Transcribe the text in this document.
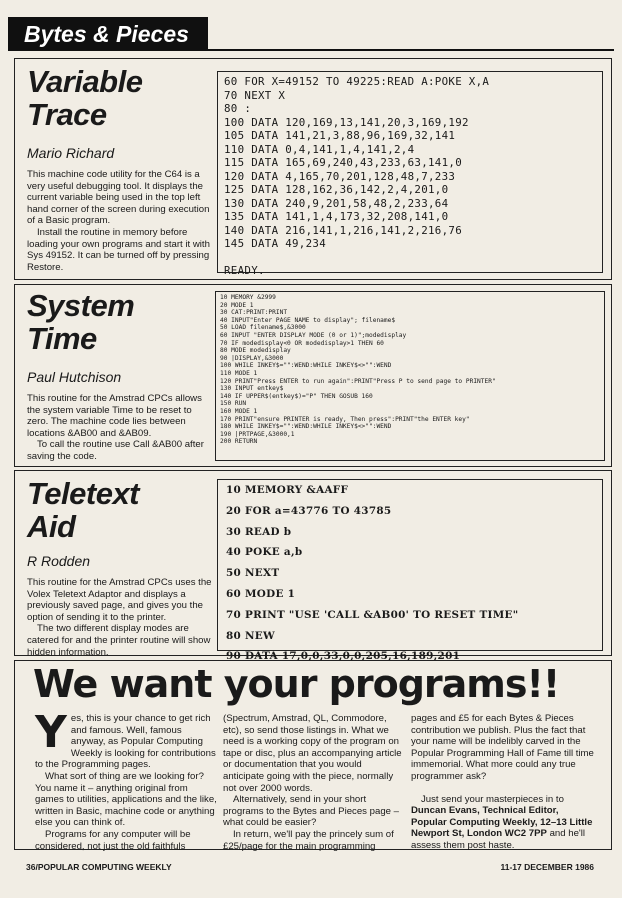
Bytes & Pieces
Variable
Trace
Mario Richard

This machine code utility for the C64 is a very useful debugging tool. It displays the current variable being used in the top left hand corner of the screen during execution of a Basic program.

Install the routine in memory before loading your own programs and start it with Sys 49152. It can be turned off by pressing Restore.

60 FOR X=49152 TO 49225:READ A:POKE X,A
70 NEXT X
80 :
100 DATA 120,169,13,141,20,3,169,192
105 DATA 141,21,3,88,96,169,32,141
110 DATA 0,4,141,1,4,141,2,4
115 DATA 165,69,240,43,233,63,141,0
120 DATA 4,165,70,201,128,48,7,233
125 DATA 128,162,36,142,2,4,201,0
130 DATA 240,9,201,58,48,2,233,64
135 DATA 141,1,4,173,32,208,141,0
140 DATA 216,141,1,216,141,2,216,76
145 DATA 49,234

READY.
System
Time
Paul Hutchison

This routine for the Amstrad CPCs allows the system variable Time to be reset to zero. The machine code lies between locations &AB00 and &AB09.

To call the routine use Call &AB00 after saving the code.

10 MEMORY &2999
20 MODE 1
30 CAT:PRINT:PRINT
40 INPUT"Enter PAGE NAME to display"; filename$
50 LOAD filename$,&3000
60 INPUT "ENTER DISPLAY MODE (0 or 1)";modedisplay
70 IF modedisplay<0 OR modedisplay>1 THEN 60
80 MODE modedisplay
90 |DISPLAY,&3000
100 WHILE INKEY$="":WEND:WHILE INKEY$<>"":WEND
110 MODE 1
120 PRINT"Press ENTER to run again":PRINT"Press P to send page to PRINTER"
130 INPUT entkey$
140 IF UPPER$(entkey$)="P" THEN GOSUB 160
150 RUN
160 MODE 1
170 PRINT"ensure PRINTER is ready, Then press":PRINT"the ENTER key"
180 WHILE INKEY$="":WEND:WHILE INKEY$<>"":WEND
190 |PRTPAGE,&3000,1
200 RETURN
Teletext
Aid
R Rodden

This routine for the Amstrad CPCs uses the Volex Teletext Adaptor and displays a previously saved page, and gives you the option of sending it to the printer.

The two different display modes are catered for and the printer routine will show hidden information.

10 MEMORY &AAFF
20 FOR a=43776 TO 43785
30 READ b
40 POKE a,b
50 NEXT
60 MODE 1
70 PRINT "USE 'CALL &AB00' TO RESET TIME"
80 NEW
90 DATA 17,0,0,33,0,0,205,16,189,201
We want your programs!!
Y es, this is your chance to get rich and famous. Well, famous anyway, as Popular Computing Weekly is looking for contributions to the Programming pages.

What sort of thing are we looking for? You name it – anything original from games to utilities, applications and the like, written in Basic, machine code or anything else you can think of.

Programs for any computer will be considered, not just the old faithfuls

(Spectrum, Amstrad, QL, Commodore, etc), so send those listings in. What we need is a working copy of the program on tape or disc, plus an accompanying article or documentation that you would anticipate going with the piece, normally not over 2000 words.

Alternatively, send in your short programs to the Bytes and Pieces page – what could be easier?

In return, we'll pay the princely sum of £25/page for the main programming

pages and £5 for each Bytes & Pieces contribution we publish. Plus the fact that your name will be indelibly carved in the Popular Programming Hall of Fame till time immemorial. What more could any true programmer ask?

Just send your masterpieces in to Duncan Evans, Technical Editor, Popular Computing Weekly, 12–13 Little Newport St, London WC2 7PP and he'll assess them post haste.

36/POPULAR COMPUTING WEEKLY	11-17 DECEMBER 1986
